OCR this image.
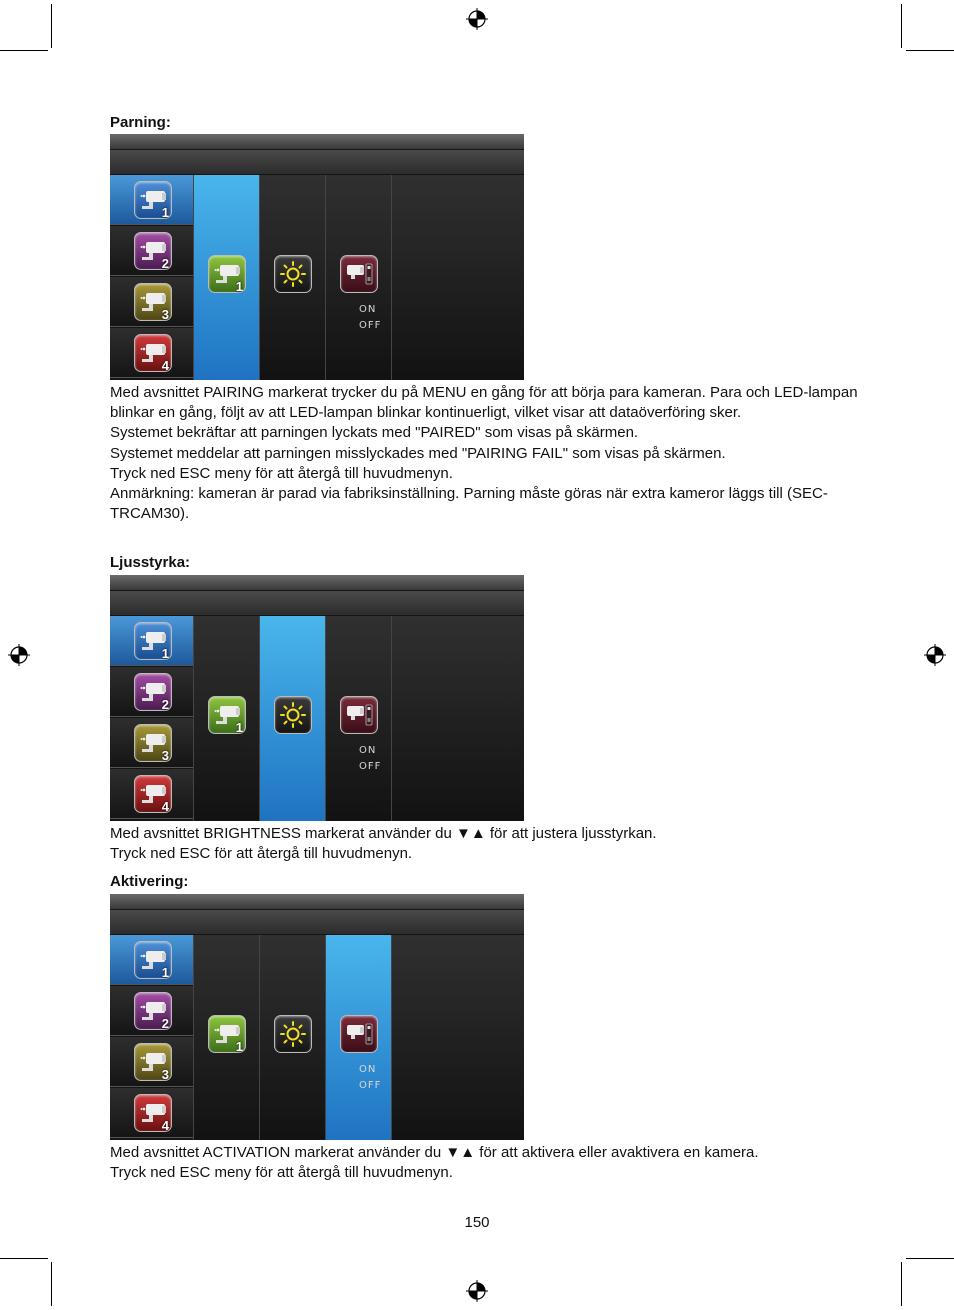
Parning:
1
2
3
4
1
ON
OFF

Med avsnittet PAIRING markerat trycker du på MENU en gång för att börja para kameran. Para och LED-lampan blinkar en gång, följt av att LED-lampan blinkar kontinuerligt, vilket visar att dataöverföring sker.

Systemet bekräftar att parningen lyckats med "PAIRED" som visas på skärmen.

Systemet meddelar att parningen misslyckades med "PAIRING FAIL" som visas på skärmen.

Tryck ned ESC meny för att återgå till huvudmenyn.

Anmärkning: kameran är parad via fabriksinställning. Parning måste göras när extra kameror läggs till (SEC-TRCAM30).

Ljusstyrka:
1
2
3
4
1
ON
OFF

Med avsnittet BRIGHTNESS markerat använder du ▼▲ för att justera ljusstyrkan.

Tryck ned ESC för att återgå till huvudmenyn.

Aktivering:
1
2
3
4
1
ON
OFF

Med avsnittet ACTIVATION markerat använder du ▼▲ för att aktivera eller avaktivera en kamera.

Tryck ned ESC meny för att återgå till huvudmenyn.

150
